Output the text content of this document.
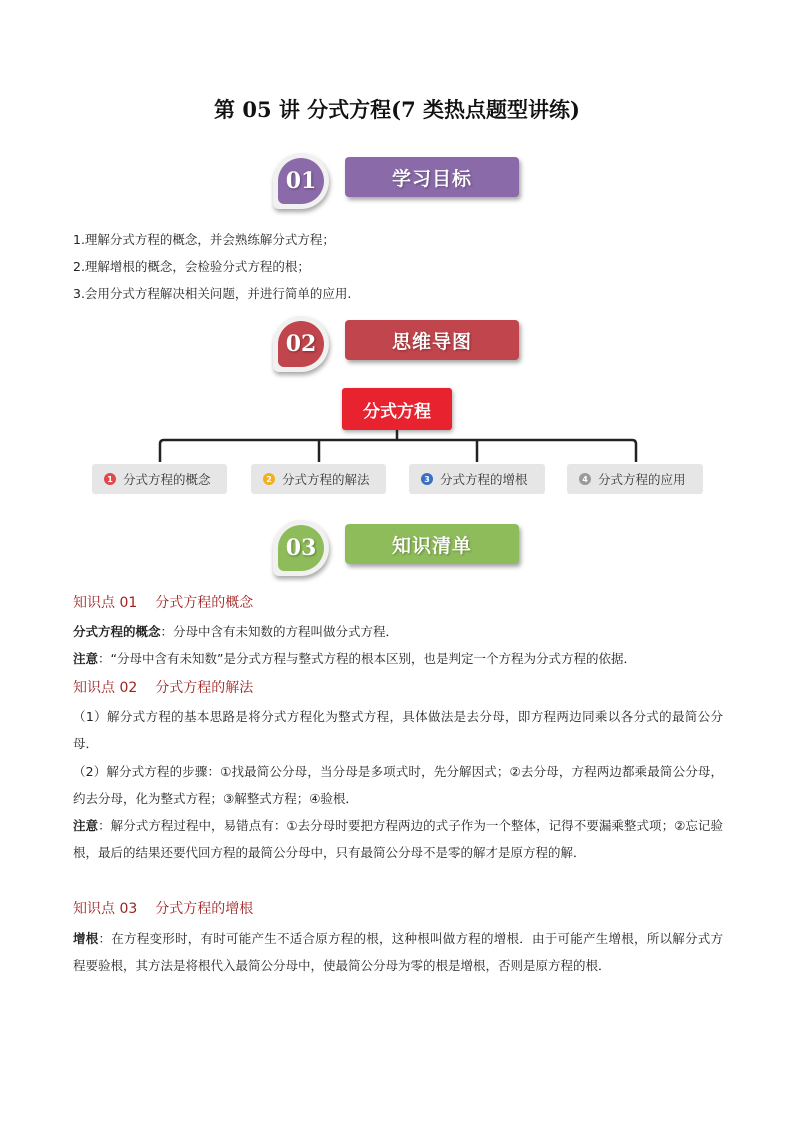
第 05 讲 分式方程(7 类热点题型讲练)
01	学习目标
1.理解分式方程的概念，并会熟练解分式方程；
2.理解增根的概念，会检验分式方程的根；
3.会用分式方程解决相关问题，并进行简单的应用.
02	思维导图
分式方程
1 分式方程的概念	2 分式方程的解法	3 分式方程的增根	4 分式方程的应用
03	知识清单
知识点 01 分式方程的概念
分式方程的概念：分母中含有未知数的方程叫做分式方程．
注意：“分母中含有未知数”是分式方程与整式方程的根本区别，也是判定一个方程为分式方程的依据．
知识点 02 分式方程的解法
（1）解分式方程的基本思路是将分式方程化为整式方程，具体做法是去分母，即方程两边同乘以各分式的最简公分母．
（2）解分式方程的步骤：①找最简公分母，当分母是多项式时，先分解因式；②去分母，方程两边都乘最简公分母，约去分母，化为整式方程；③解整式方程；④验根．
注意：解分式方程过程中，易错点有：①去分母时要把方程两边的式子作为一个整体，记得不要漏乘整式项；②忘记验根，最后的结果还要代回方程的最简公分母中，只有最简公分母不是零的解才是原方程的解．
知识点 03 分式方程的增根
增根：在方程变形时，有时可能产生不适合原方程的根，这种根叫做方程的增根．由于可能产生增根，所以解分式方程要验根，其方法是将根代入最简公分母中，使最简公分母为零的根是增根，否则是原方程的根．
